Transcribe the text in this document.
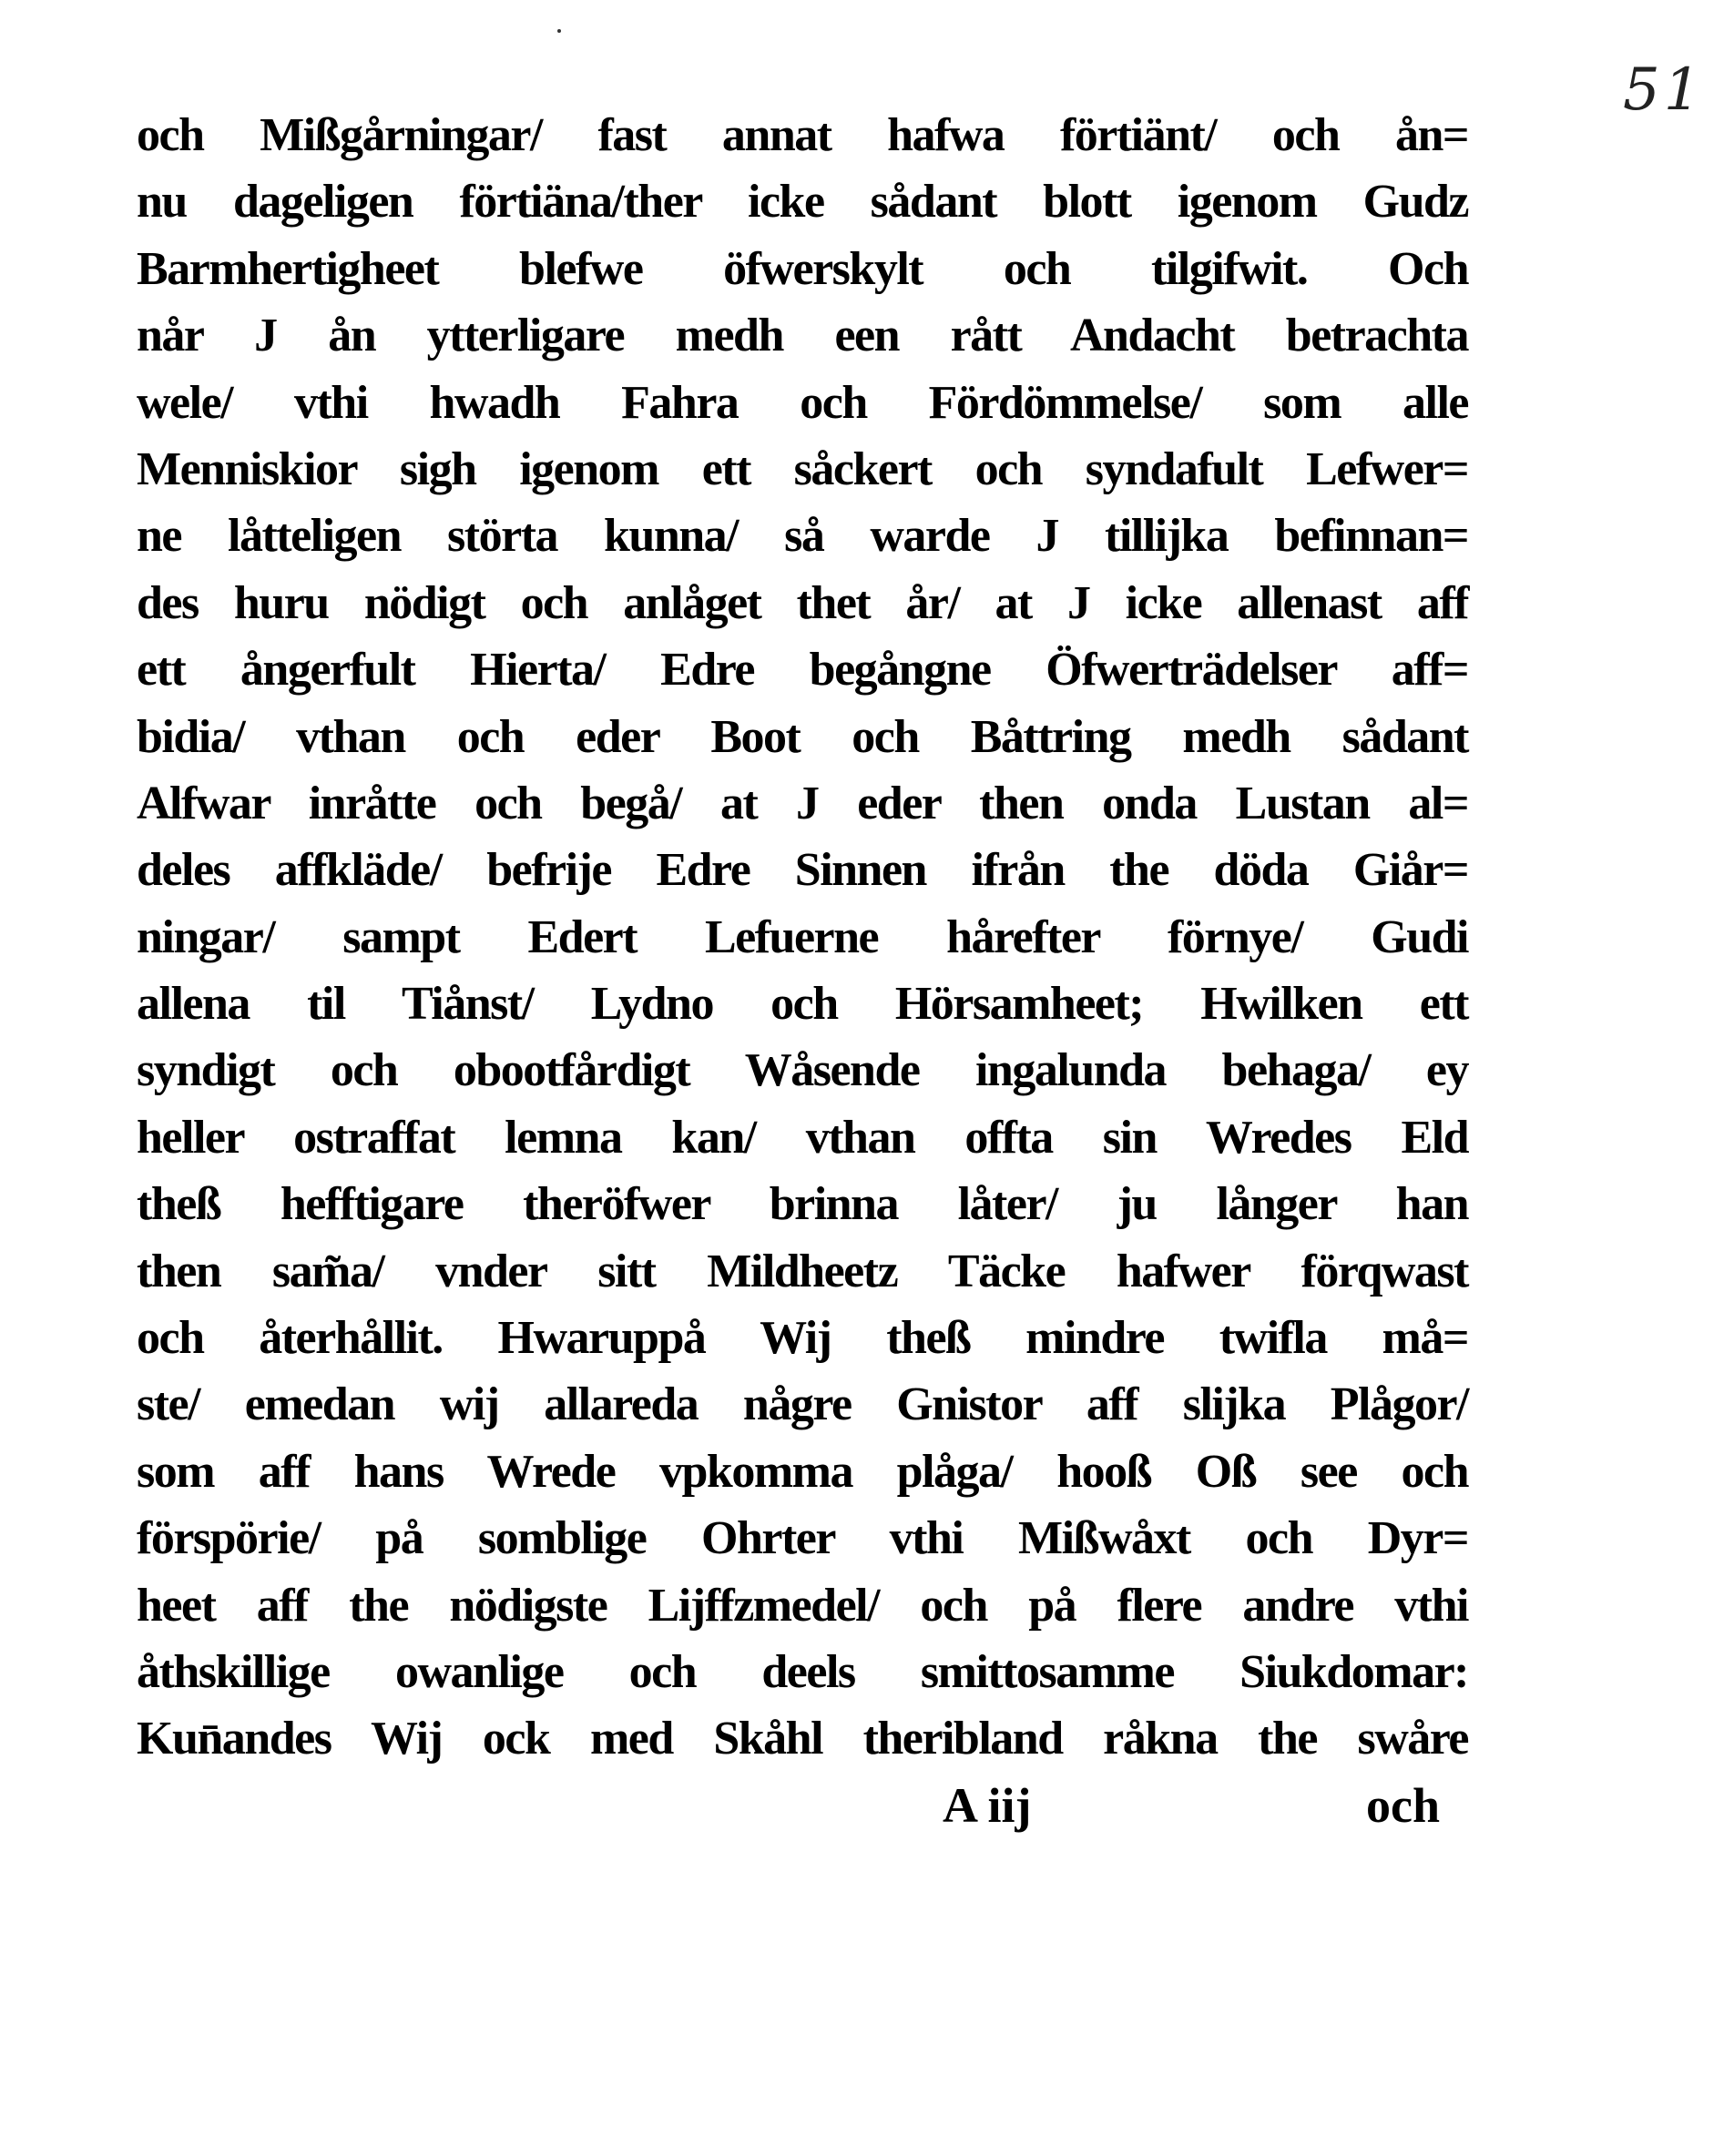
51
och Mißgårningar/ fast annat hafwa förtiänt/ och ån=
nu dageligen förtiäna/ther icke sådant blott igenom Gudz
Barmhertigheet blefwe öfwerskylt och tilgifwit. Och
når J ån ytterligare medh een rått Andacht betrachta
wele/ vthi hwadh Fahra och Fördömmelse/ som alle
Menniskior sigh igenom ett såckert och syndafult Lefwer=
ne låtteligen störta kunna/ så warde J tillijka befinnan=
des huru nödigt och anlåget thet år/ at J icke allenast aff
ett ångerfult Hierta/ Edre begångne Öfwerträdelser aff=
bidia/ vthan och eder Boot och Båttring medh sådant
Alfwar inråtte och begå/ at J eder then onda Lustan al=
deles affkläde/ befrije Edre Sinnen ifrån the döda Giår=
ningar/ sampt Edert Lefuerne hårefter förnye/ Gudi
allena til Tiånst/ Lydno och Hörsamheet; Hwilken ett
syndigt och obootfårdigt Wåsende ingalunda behaga/ ey
heller ostraffat lemna kan/ vthan offta sin Wredes Eld
theß hefftigare theröfwer brinna låter/ ju långer han
then sam̃a/ vnder sitt Mildheetz Täcke hafwer förqwast
och återhållit. Hwaruppå Wij theß mindre twifla må=
ste/ emedan wij allareda någre Gnistor aff slijka Plågor/
som aff hans Wrede vpkomma plåga/ hooß Oß see och
förspörie/ på somblige Ohrter vthi Mißwåxt och Dyr=
heet aff the nödigste Lijffzmedel/ och på flere andre vthi
åthskillige owanlige och deels smittosamme Siukdomar:
Kun̄andes Wij ock med Skåhl theribland råkna the swåre
A iij	och
